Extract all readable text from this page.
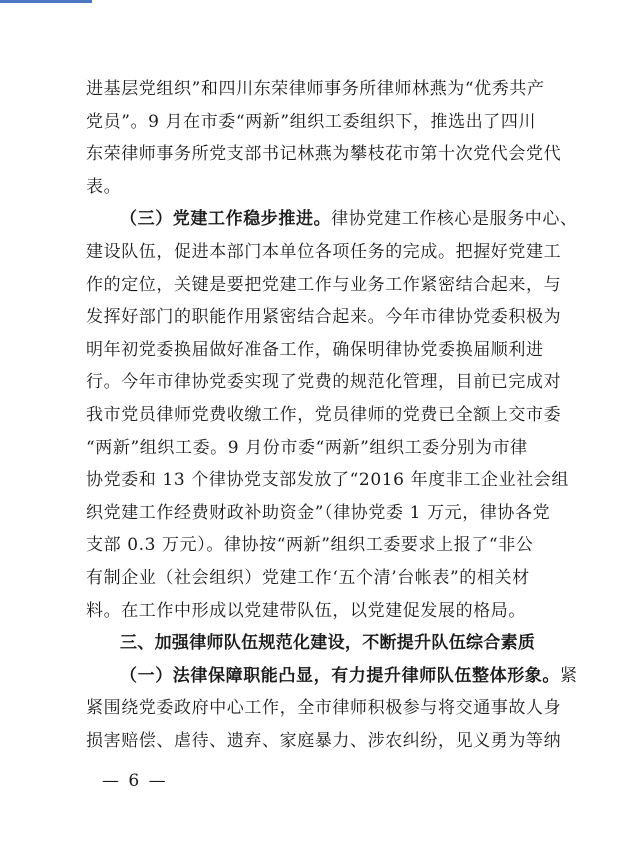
进基层党组织”和四川东荣律师事务所律师林燕为“优秀共产
党员”。9 月在市委“两新”组织工委组织下，推选出了四川
东荣律师事务所党支部书记林燕为攀枝花市第十次党代会党代
表。
（三）党建工作稳步推进。律协党建工作核心是服务中心、
建设队伍，促进本部门本单位各项任务的完成。把握好党建工
作的定位，关键是要把党建工作与业务工作紧密结合起来，与
发挥好部门的职能作用紧密结合起来。今年市律协党委积极为
明年初党委换届做好准备工作，确保明律协党委换届顺利进
行。今年市律协党委实现了党费的规范化管理，目前已完成对
我市党员律师党费收缴工作，党员律师的党费已全额上交市委
“两新”组织工委。9 月份市委“两新”组织工委分别为市律
协党委和 13 个律协党支部发放了“2016 年度非工企业社会组
织党建工作经费财政补助资金”（律协党委 1 万元，律协各党
支部 0.3 万元）。律协按“两新”组织工委要求上报了“非公
有制企业（社会组织）党建工作‘五个清’台帐表”的相关材
料。在工作中形成以党建带队伍，以党建促发展的格局。
三、加强律师队伍规范化建设，不断提升队伍综合素质
（一）法律保障职能凸显，有力提升律师队伍整体形象。紧
紧围绕党委政府中心工作，全市律师积极参与将交通事故人身
损害赔偿、虐待、遗弃、家庭暴力、涉农纠纷，见义勇为等纳
— 6 —
